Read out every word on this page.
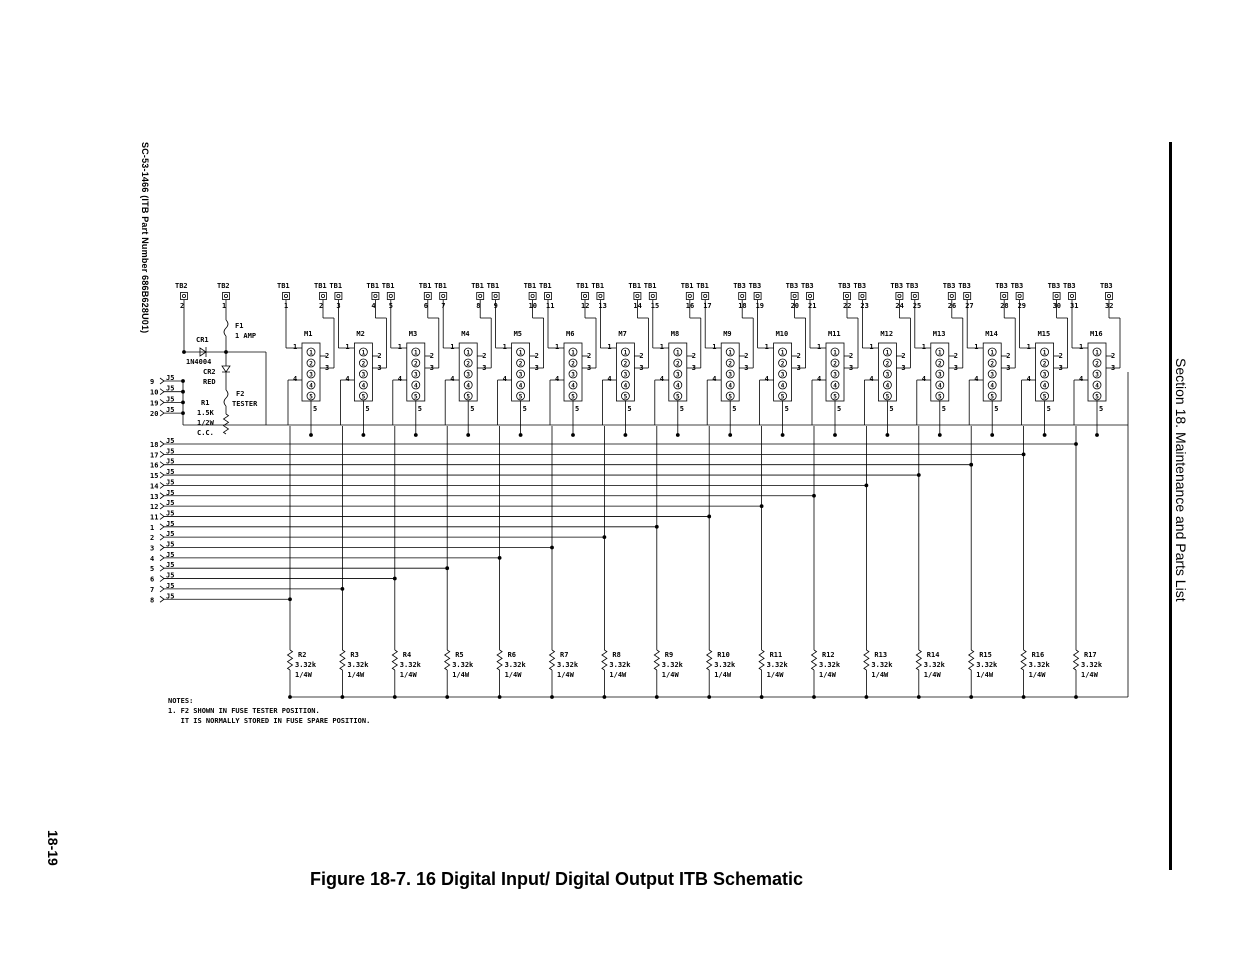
TB1	TB1
1	2
M1
1
2
3
4
5
1
2
3
4
5
TB1	TB1
3	4
M2
1
2
3
4
5
1
2
3
4
5
TB1	TB1
5	6
M3
1
2
3
4
5
1
2
3
4
5
TB1	TB1
7	8
M4
1
2
3
4
5
1
2
3
4
5
TB1	TB1
9	10
M5
1
2
3
4
5
1
2
3
4
5
TB1	TB1
11	12
M6
1
2
3
4
5
1
2
3
4
5
TB1	TB1
13	14
M7
1
2
3
4
5
1
2
3
4
5
TB1	TB1
15	16
M8
1
2
3
4
5
1
2
3
4
5
TB1	TB3
17	18
M9
1
2
3
4
5
1
2
3
4
5
TB3	TB3
19	20
M10
1
2
3
4
5
1
2
3
4
5
TB3	TB3
21	22
M11
1
2
3
4
5
1
2
3
4
5
TB3	TB3
23	24
M12
1
2
3
4
5
1
2
3
4
5
TB3	TB3
25	26
M13
1
2
3
4
5
1
2
3
4
5
TB3	TB3
27	28
M14
1
2
3
4
5
1
2
3
4
5
TB3	TB3
29	30
M15
1
2
3
4
5
1
2
3
4
5
TB3	TB3
31	32
M16
1
2
3
4
5
1
2
3
4
5
9 J5
10 J5
19 J5
20 J5
18 J5
17 J5
16 J5
15 J5
14 J5
13 J5
12 J5
11 J5
1 J5
2 J5
3 J5
4 J5
5 J5
6 J5
7 J5
8 J5
R2
3.32k
1/4W
R3
3.32k
1/4W
R4
3.32k
1/4W
R5
3.32k
1/4W
R6
3.32k
1/4W
R7
3.32k
1/4W
R8
3.32k
1/4W
R9
3.32k
1/4W
R10
3.32k
1/4W
R11
3.32k
1/4W
R12
3.32k
1/4W
R13
3.32k
1/4W
R14
3.32k
1/4W
R15
3.32k
1/4W
R16
3.32k
1/4W
R17
3.32k
1/4W
TB2	TB2
2	1
F1
1 AMP
CR1
1N4004
CR2
RED
F2
TESTER
R1
1.5K
1/2W
C.C.
NOTES:
1. F2 SHOWN IN FUSE TESTER POSITION.
IT IS NORMALLY STORED IN FUSE SPARE POSITION.
SC-53-1466 (ITB Part Number 686B628U01)
Section 18. Maintenance and Parts List
18-19
Figure 18-7. 16 Digital Input/ Digital Output ITB Schematic
